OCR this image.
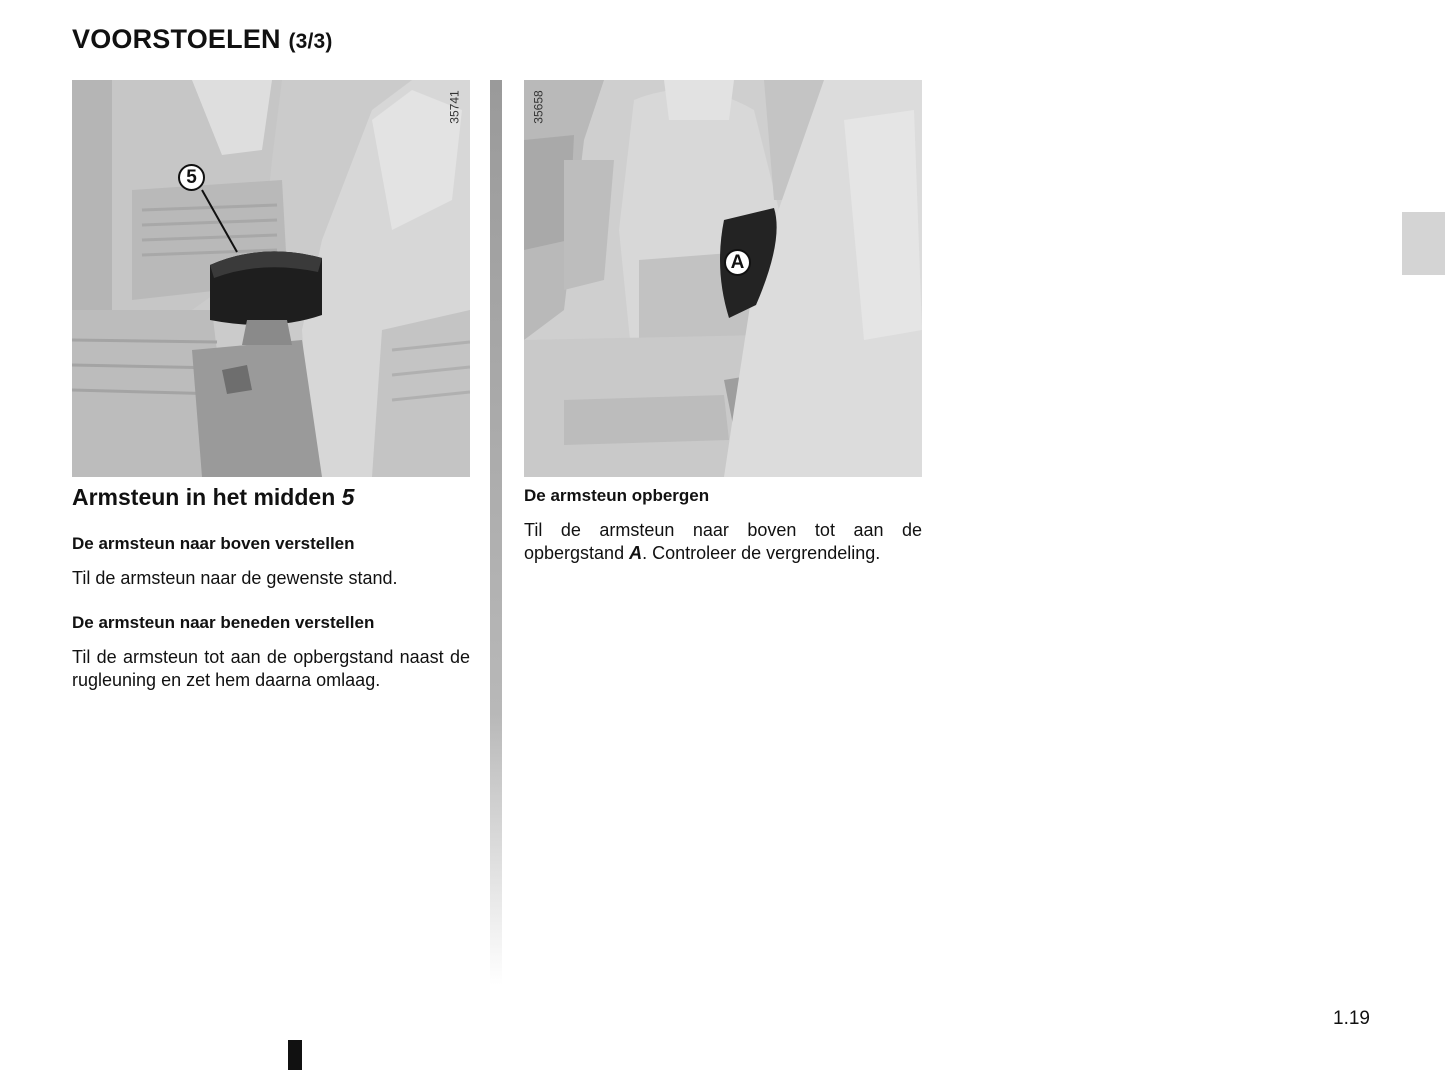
VOORSTOELEN (3/3)
5
35741
A
35658
Armsteun in het midden 5
De armsteun naar boven verstellen
Til de armsteun naar de gewenste stand.
De armsteun naar beneden verstellen
Til de armsteun tot aan de opbergstand naast de rugleuning en zet hem daarna omlaag.
De armsteun opbergen
Til de armsteun naar boven tot aan de opbergstand A. Controleer de vergrendeling.
1.19
